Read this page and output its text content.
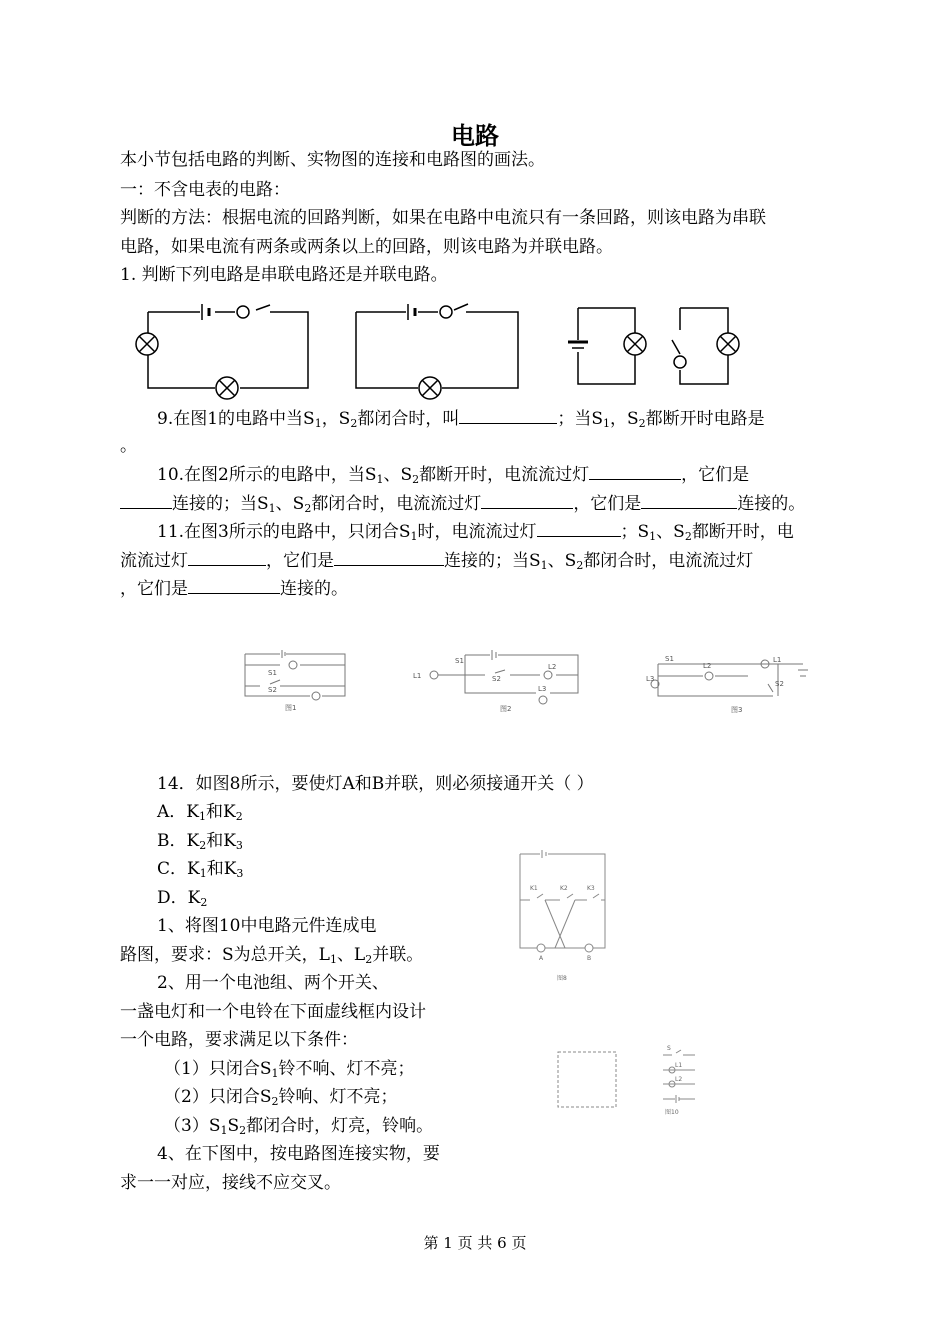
电路
本小节包括电路的判断、实物图的连接和电路图的画法。
一：不含电表的电路：
判断的方法：根据电流的回路判断，如果在电路中电流只有一条回路，则该电路为串联
电路，如果电流有两条或两条以上的回路，则该电路为并联电路。
1. 判断下列电路是串联电路还是并联电路。
9.在图1的电路中当$S_1$，$S_2$都闭合时，叫	；当$S_1$，$S_2$都断开时电路是
。
10.在图2所示的电路中，当$S_1$、$S_2$都断开时，电流流过灯	，它们是
连接的；当$S_1$、$S_2$都闭合时，电流流过灯	，它们是	连接的。
11.在图3所示的电路中，只闭合$S_1$时，电流流过灯	；$S_1$、$S_2$都断开时，电
流流过灯	，它们是	连接的；当$S_1$、$S_2$都闭合时，电流流过灯
，它们是	连接的。
S1
S2
图1
S1
S2
L1
L2
L3
图2
S1
L2
L1
L3
S2
图3
14．如图8所示，要使灯A和B并联，则必须接通开关（ ）
A．$K_1$和$K_2$
B．$K_2$和$K_3$
C．$K_1$和$K_3$
D．$K_2$
K1	K2	K3
A	B
图8
1、将图10中电路元件连成电
路图，要求：S为总开关，$L_1$、$L_2$并联。
2、用一个电池组、两个开关、
一盏电灯和一个电铃在下面虚线框内设计
一个电路，要求满足以下条件：
（1）只闭合$S_1$铃不响、灯不亮；
（2）只闭合$S_2$铃响、灯不亮；
$(3)S_1S_2$都闭合时，灯亮，铃响。
4、在下图中，按电路图连接实物，要
求一一对应，接线不应交叉。
S
L1
L2
图10
第 1 页 共 6 页
